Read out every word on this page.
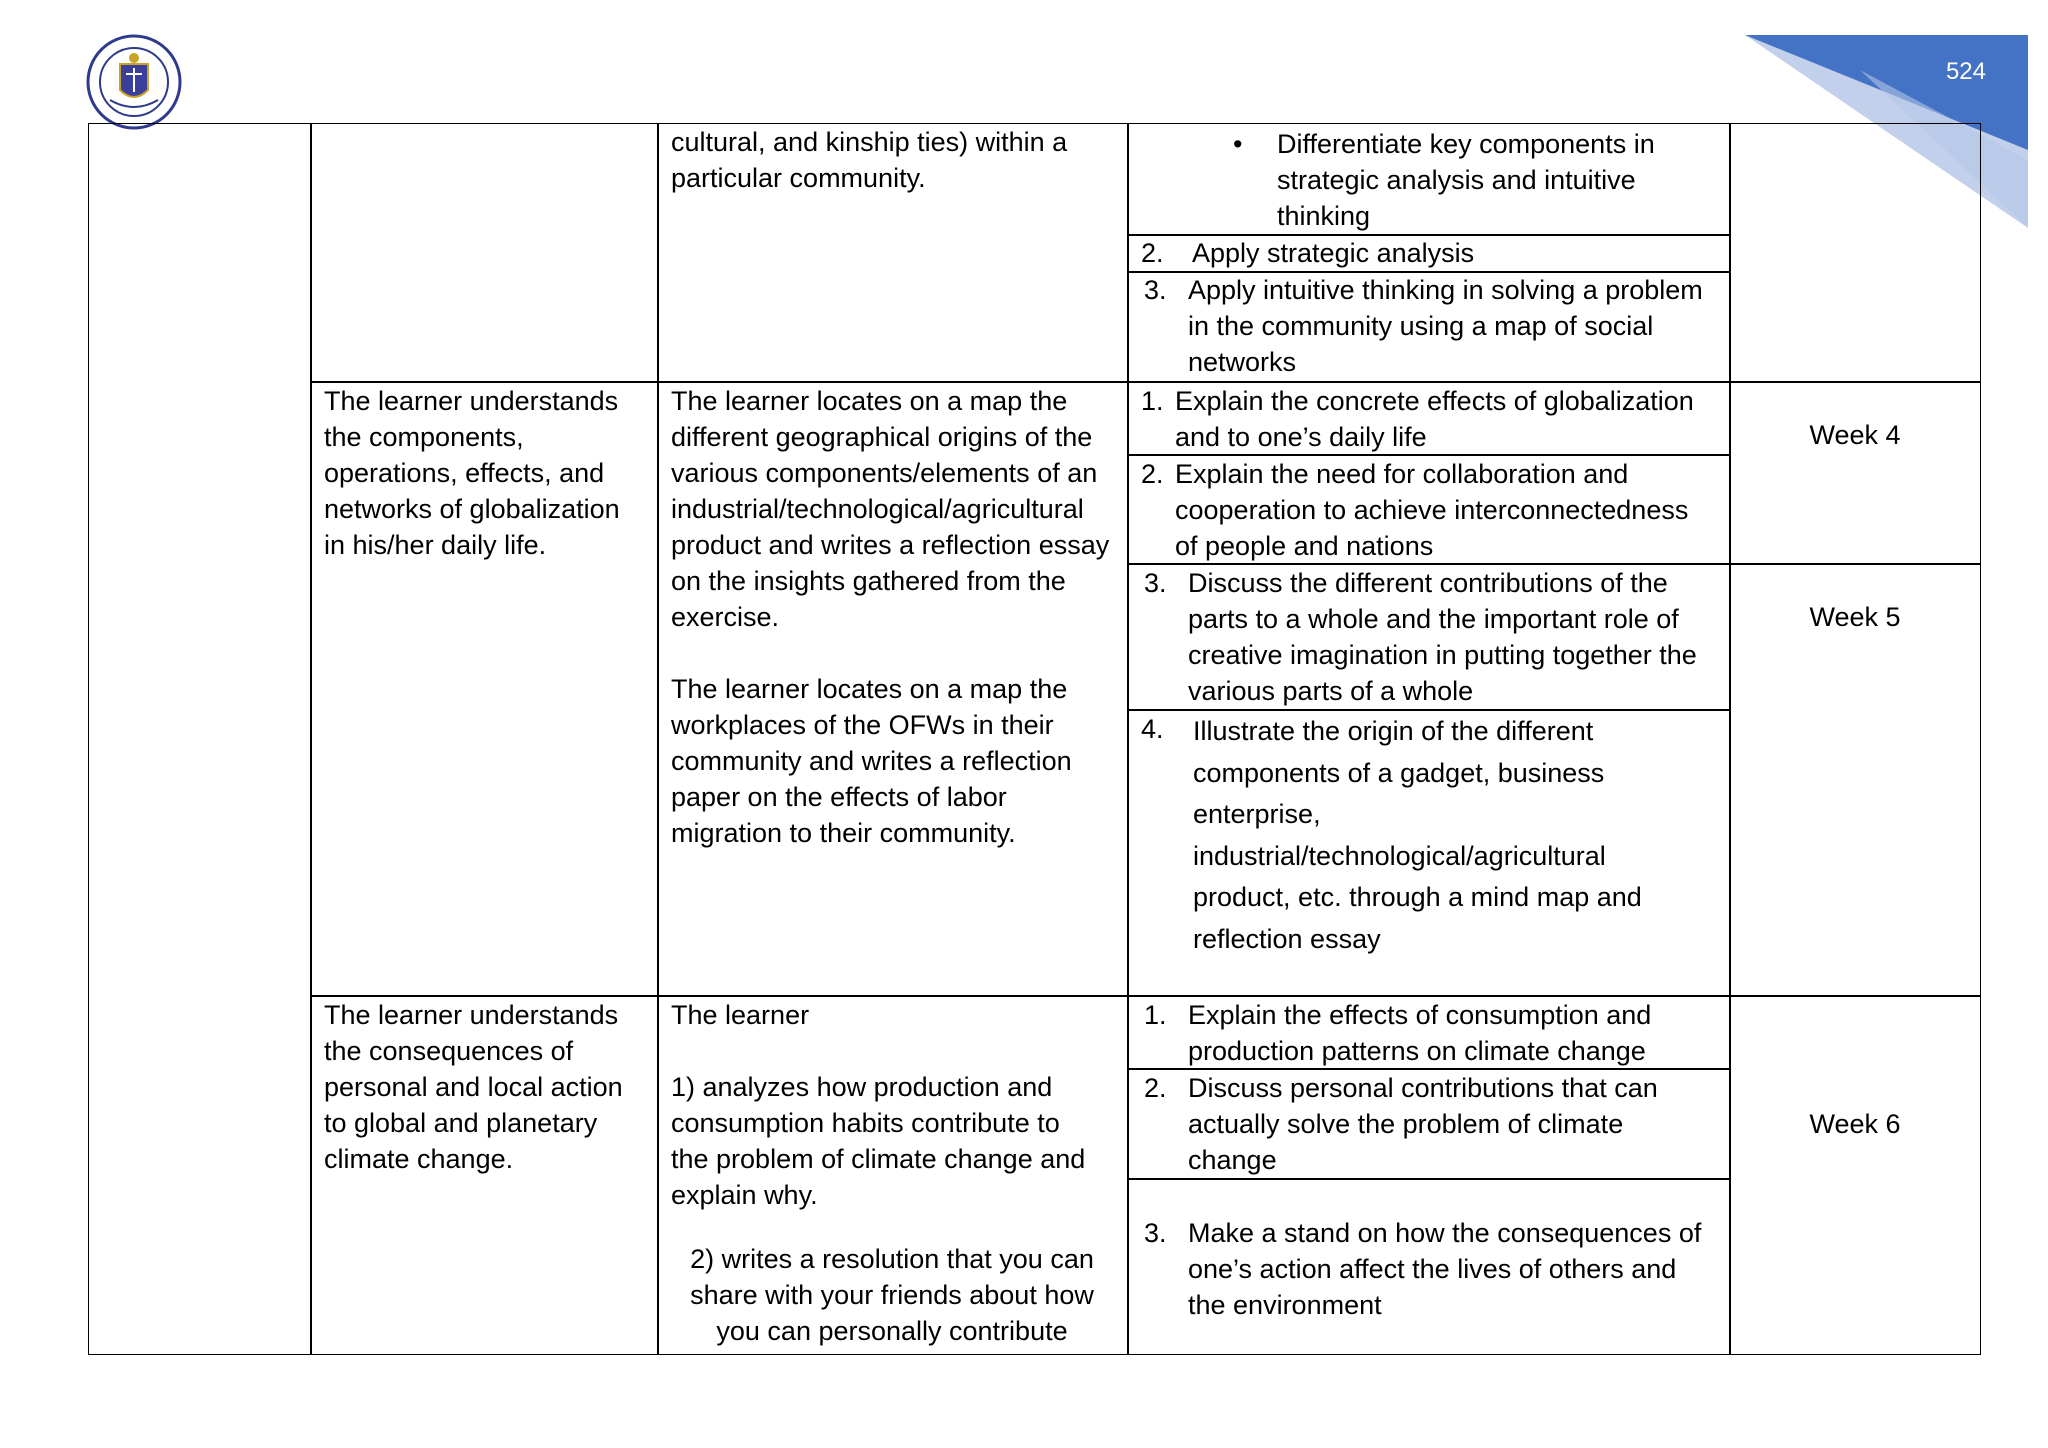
524
cultural, and kinship ties) within a
particular community.
• Differentiate key components in
strategic analysis and intuitive
thinking
2. Apply strategic analysis
3. Apply intuitive thinking in solving a problem
in the community using a map of social
networks
The learner understands
the components,
operations, effects, and
networks of globalization
in his/her daily life.
The learner locates on a map the
different geographical origins of the
various components/elements of an
industrial/technological/agricultural
product and writes a reflection essay
on the insights gathered from the
exercise.

The learner locates on a map the
workplaces of the OFWs in their
community and writes a reflection
paper on the effects of labor
migration to their community.
1. Explain the concrete effects of globalization
and to one’s daily life
2. Explain the need for collaboration and
cooperation to achieve interconnectedness
of people and nations
3. Discuss the different contributions of the
parts to a whole and the important role of
creative imagination in putting together the
various parts of a whole
4. Illustrate the origin of the different
components of a gadget, business
enterprise,
industrial/technological/agricultural
product, etc. through a mind map and
reflection essay
Week 4
Week 5
The learner understands
the consequences of
personal and local action
to global and planetary
climate change.
The learner
1) analyzes how production and
consumption habits contribute to
the problem of climate change and
explain why.
2) writes a resolution that you can
share with your friends about how
you can personally contribute
1. Explain the effects of consumption and
production patterns on climate change
2. Discuss personal contributions that can
actually solve the problem of climate
change
3. Make a stand on how the consequences of
one’s action affect the lives of others and
the environment
Week 6
